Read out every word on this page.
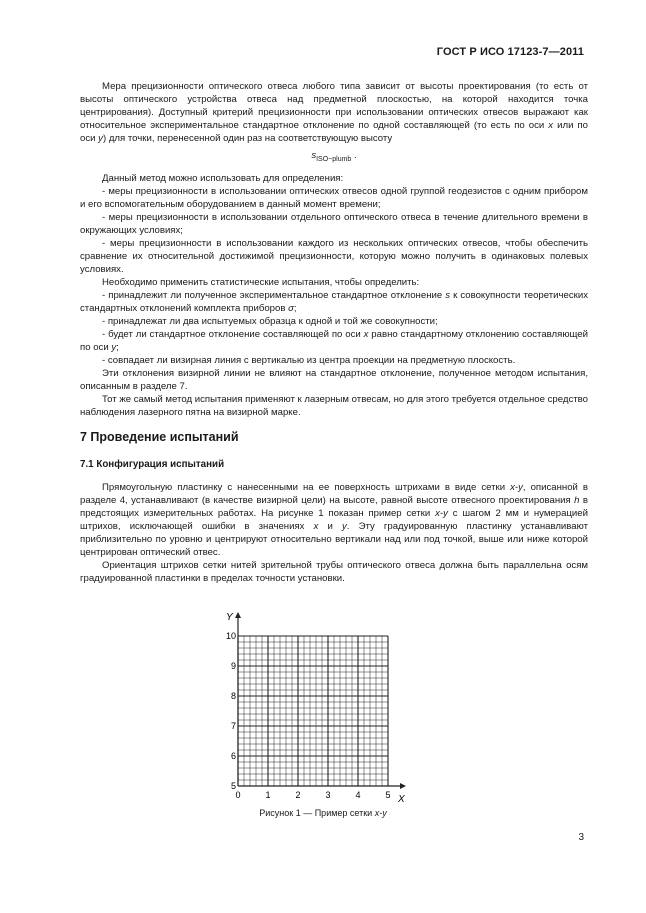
ГОСТ Р ИСО 17123-7—2011

Мера прецизионности оптического отвеса любого типа зависит от высоты проектирования (то есть от высоты оптического устройства отвеса над предметной плоскостью, на которой находится точка центрирования). Доступный критерий прецизионности при использовании оптических отвесов выражают как относительное экспериментальное стандартное отклонение по одной составляющей (то есть по оси x или по оси y) для точки, перенесенной один раз на соответствующую высоту

$s_{ISO-plumb}$ .

Данный метод можно использовать для определения:

- меры прецизионности в использовании оптических отвесов одной группой геодезистов с одним прибором и его вспомогательным оборудованием в данный момент времени;

- меры прецизионности в использовании отдельного оптического отвеса в течение длительного времени в окружающих условиях;

- меры прецизионности в использовании каждого из нескольких оптических отвесов, чтобы обеспечить сравнение их относительной достижимой прецизионности, которую можно получить в одинаковых полевых условиях.

Необходимо применить статистические испытания, чтобы определить:

- принадлежит ли полученное экспериментальное стандартное отклонение s к совокупности теоретических стандартных отклонений комплекта приборов σ;

- принадлежат ли два испытуемых образца к одной и той же совокупности;

- будет ли стандартное отклонение составляющей по оси x равно стандартному отклонению составляющей по оси y;

- совпадает ли визирная линия с вертикалью из центра проекции на предметную плоскость.

Эти отклонения визирной линии не влияют на стандартное отклонение, полученное методом испытания, описанным в разделе 7.

Тот же самый метод испытания применяют к лазерным отвесам, но для этого требуется отдельное средство наблюдения лазерного пятна на визирной марке.

7 Проведение испытаний
7.1 Конфигурация испытаний

Прямоугольную пластинку с нанесенными на ее поверхность штрихами в виде сетки x-y, описанной в разделе 4, устанавливают (в качестве визирной цели) на высоте, равной высоте отвесного проектирования h в предстоящих измерительных работах. На рисунке 1 показан пример сетки x-y с шагом 2 мм и нумерацией штрихов, исключающей ошибки в значениях x и y. Эту градуированную пластинку устанавливают приблизительно по уровню и центрируют относительно вертикали над или под точкой, выше или ниже которой центрирован оптический отвес.

Ориентация штрихов сетки нитей зрительной трубы оптического отвеса должна быть параллельна осям градуированной пластинки в пределах точности установки.

0	1	2	3	4	5
5
6
7
8
9
10
Y
X
Рисунок 1 — Пример сетки x-y
3
